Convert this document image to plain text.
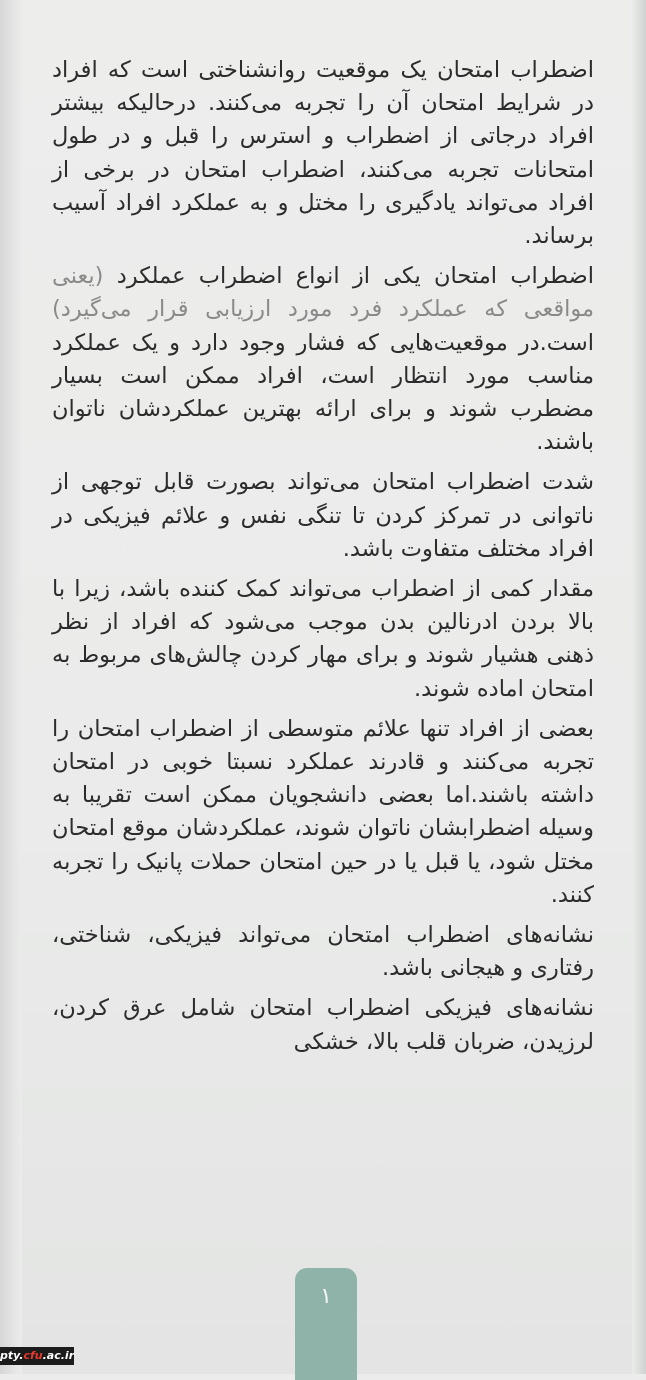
اضطراب امتحان یک موقعیت روانشناختی است که افراد در شرایط امتحان آن را تجربه می‌کنند. درحالیکه بیشتر افراد درجاتی از اضطراب و استرس را قبل و در طول امتحانات تجربه می‌کنند، اضطراب امتحان در برخی از افراد می‌تواند یادگیری را مختل و به عملکرد افراد آسیب برساند.

اضطراب امتحان یکی از انواع اضطراب عملکرد (یعنی مواقعی که عملکرد فرد مورد ارزیابی قرار می‌گیرد) است.در موقعیت‌هایی که فشار وجود دارد و یک عملکرد مناسب مورد انتظار است، افراد ممکن است بسیار مضطرب شوند و برای ارائه بهترین عملکردشان ناتوان باشند.

شدت اضطراب امتحان می‌تواند بصورت قابل توجهی از ناتوانی در تمرکز کردن تا تنگی نفس و علائم فیزیکی در افراد مختلف متفاوت باشد.

مقدار کمی از اضطراب می‌تواند کمک کننده باشد، زیرا با بالا بردن ادرنالین بدن موجب می‌شود که افراد از نظر ذهنی هشیار شوند و برای مهار کردن چالش‌های مربوط به امتحان اماده شوند.

بعضی از افراد تنها علائم متوسطی از اضطراب امتحان را تجربه می‌کنند و قادرند عملکرد نسبتا خوبی در امتحان داشته باشند.اما بعضی دانشجویان ممکن است تقریبا به وسیله اضطرابشان ناتوان شوند، عملکردشان موقع امتحان مختل شود، یا قبل یا در حین امتحان حملات پانیک را تجربه کنند.

نشانه‌های اضطراب امتحان می‌تواند فیزیکی، شناختی، رفتاری و هیجانی باشد.

نشانه‌های فیزیکی اضطراب امتحان شامل عرق کردن، لرزیدن، ضربان قلب بالا، خشکی

۱
pty.cfu.ac.ir
